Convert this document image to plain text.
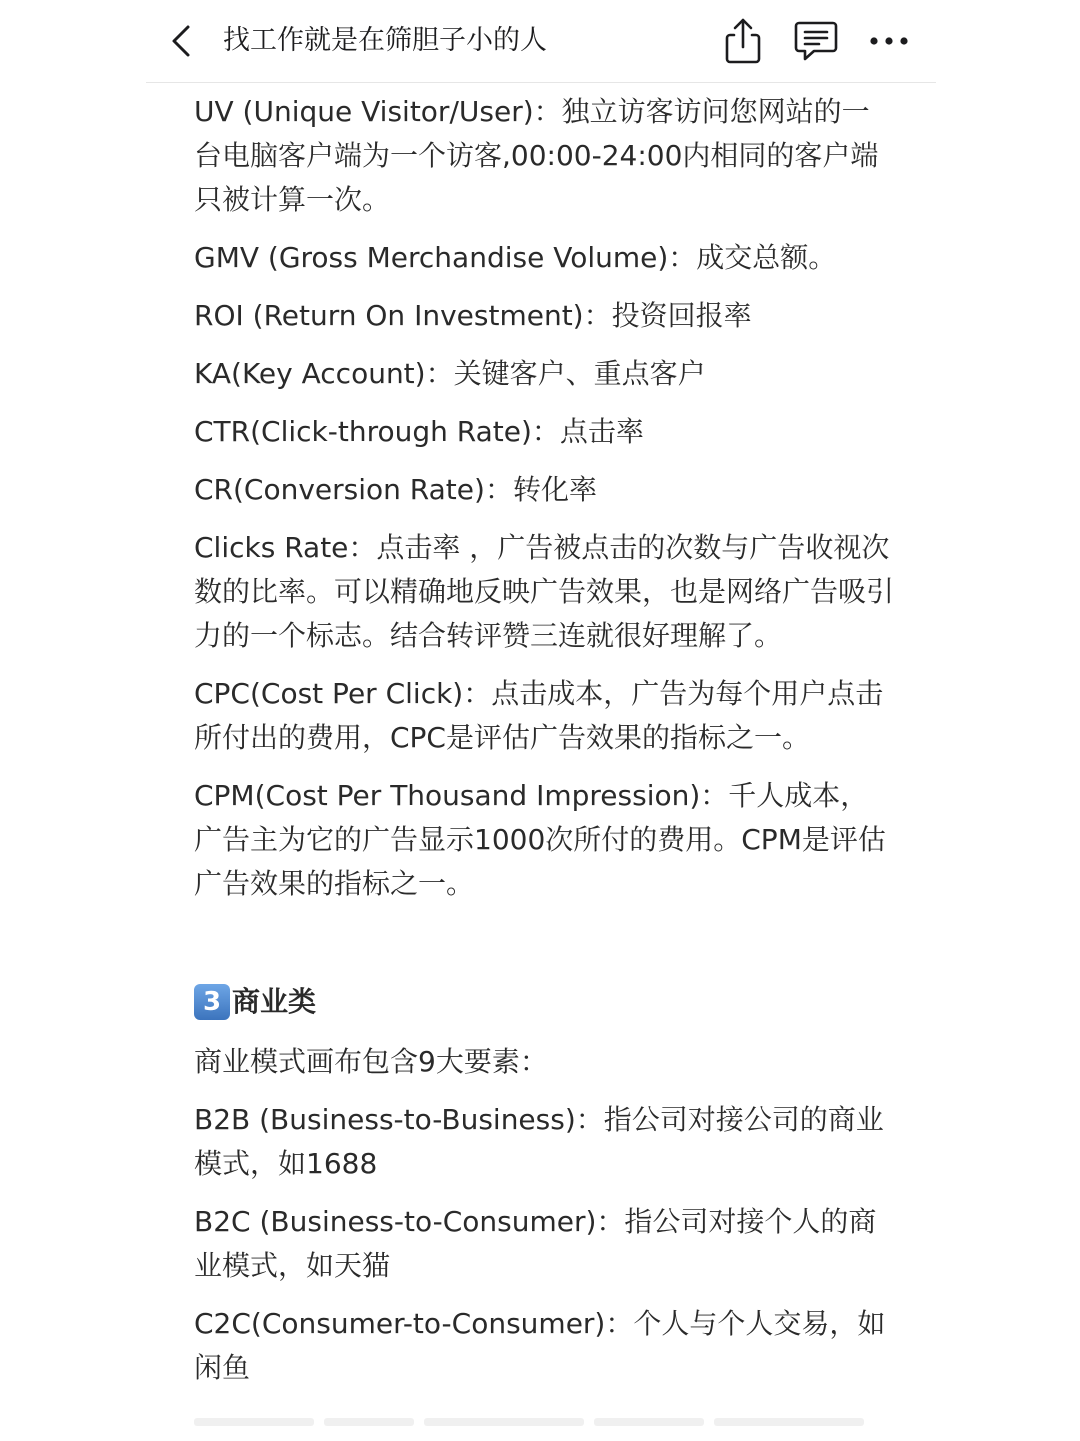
找工作就是在筛胆子小的人

UV (Unique Visitor/User)：独立访客访问您网站的一台电脑客户端为一个访客,00:00-24:00内相同的客户端只被计算一次。

GMV (Gross Merchandise Volume)：成交总额。

ROI (Return On Investment)：投资回报率

KA(Key Account)：关键客户、重点客户

CTR(Click-through Rate)：点击率

CR(Conversion Rate)：转化率

Clicks Rate：点击率 ，广告被点击的次数与广告收视次数的比率。可以精确地反映广告效果，也是网络广告吸引力的一个标志。结合转评赞三连就很好理解了。

CPC(Cost Per Click)：点击成本，广告为每个用户点击所付出的费用，CPC是评估广告效果的指标之一。

CPM(Cost Per Thousand Impression)：千人成本，广告主为它的广告显示1000次所付的费用。CPM是评估广告效果的指标之一。

3 商业类

商业模式画布包含9大要素：

B2B (Business-to-Business)：指公司对接公司的商业模式，如1688

B2C (Business-to-Consumer)：指公司对接个人的商业模式，如天猫

C2C(Consumer-to-Consumer)：个人与个人交易，如闲鱼
